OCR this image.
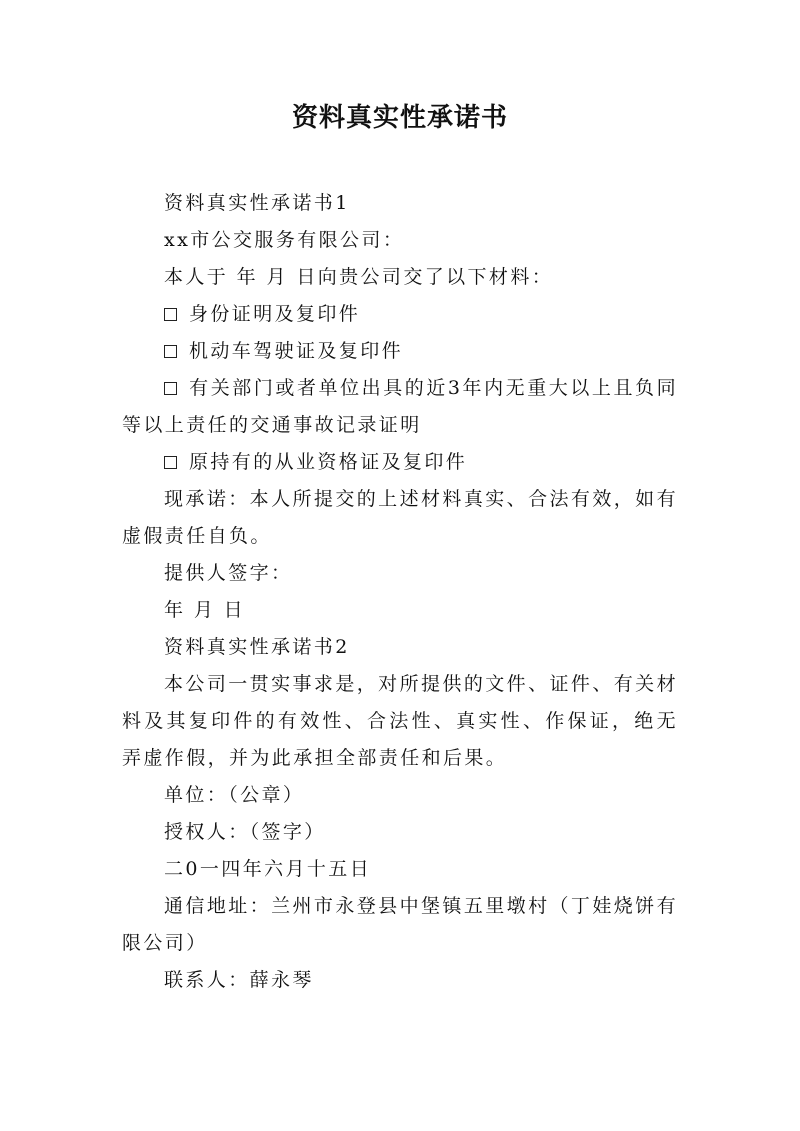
资料真实性承诺书

资料真实性承诺书1

xx市公交服务有限公司：

本人于 年 月 日向贵公司交了以下材料：

身份证明及复印件

机动车驾驶证及复印件

有关部门或者单位出具的近3年内无重大以上且负同等以上责任的交通事故记录证明

原持有的从业资格证及复印件

现承诺：本人所提交的上述材料真实、合法有效，如有虚假责任自负。

提供人签字：

年 月 日

资料真实性承诺书2

本公司一贯实事求是，对所提供的文件、证件、有关材料及其复印件的有效性、合法性、真实性、作保证，绝无弄虚作假，并为此承担全部责任和后果。

单位：（公章）

授权人：（签字）

二0一四年六月十五日

通信地址：兰州市永登县中堡镇五里墩村（丁娃烧饼有限公司）

联系人：薛永琴
